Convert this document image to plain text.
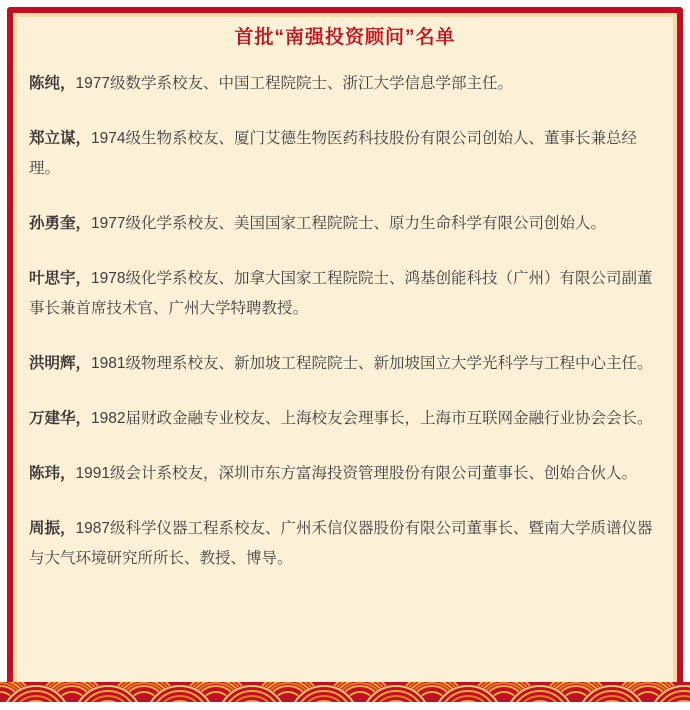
首批“南强投资顾问”名单

陈纯，1977级数学系校友、中国工程院院士、浙江大学信息学部主任。

郑立谋，1974级生物系校友、厦门艾德生物医药科技股份有限公司创始人、董事长兼总经理。

孙勇奎，1977级化学系校友、美国国家工程院院士、原力生命科学有限公司创始人。

叶思宇，1978级化学系校友、加拿大国家工程院院士、鸿基创能科技（广州）有限公司副董事长兼首席技术官、广州大学特聘教授。

洪明辉，1981级物理系校友、新加坡工程院院士、新加坡国立大学光科学与工程中心主任。

万建华，1982届财政金融专业校友、上海校友会理事长，上海市互联网金融行业协会会长。

陈玮，1991级会计系校友，深圳市东方富海投资管理股份有限公司董事长、创始合伙人。

周振，1987级科学仪器工程系校友、广州禾信仪器股份有限公司董事长、暨南大学质谱仪器与大气环境研究所所长、教授、博导。
